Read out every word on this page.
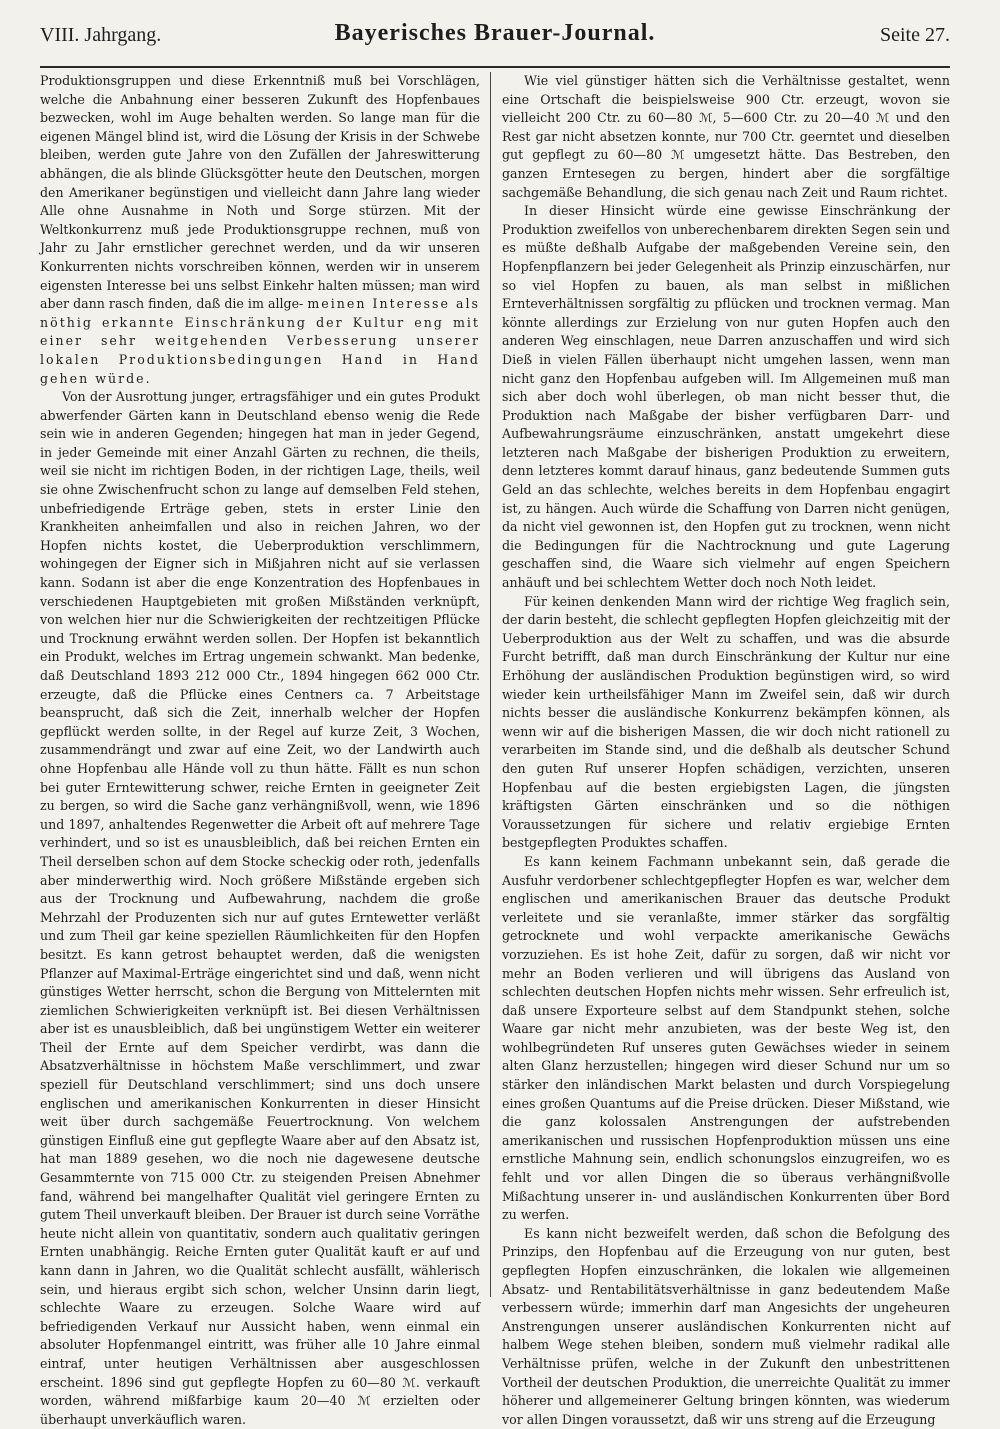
VIII. Jahrgang.	Bayerisches Brauer-Journal.	Seite 27.

Produktionsgruppen und diese Erkenntniß muß bei Vorschlägen, welche die Anbahnung einer besseren Zukunft des Hopfenbaues bezwecken, wohl im Auge behalten werden. So lange man für die eigenen Mängel blind ist, wird die Lösung der Krisis in der Schwebe bleiben, werden gute Jahre von den Zufällen der Jahreswitterung abhängen, die als blinde Glücksgötter heute den Deutschen, morgen den Amerikaner begünstigen und vielleicht dann Jahre lang wieder Alle ohne Ausnahme in Noth und Sorge stürzen. Mit der Weltkonkurrenz muß jede Produktionsgruppe rechnen, muß von Jahr zu Jahr ernstlicher gerechnet werden, und da wir unseren Konkurrenten nichts vorschreiben können, werden wir in unserem eigensten Interesse bei uns selbst Einkehr halten müssen; man wird aber dann rasch finden, daß die im allge- meinen Interesse als nöthig erkannte Einschränkung der Kultur eng mit einer sehr weitgehenden Verbesserung unserer lokalen Produktionsbedingungen Hand in Hand gehen würde.

Von der Ausrottung junger, ertragsfähiger und ein gutes Produkt abwerfender Gärten kann in Deutschland ebenso wenig die Rede sein wie in anderen Gegenden; hingegen hat man in jeder Gegend, in jeder Gemeinde mit einer Anzahl Gärten zu rechnen, die theils, weil sie nicht im richtigen Boden, in der richtigen Lage, theils, weil sie ohne Zwischenfrucht schon zu lange auf demselben Feld stehen, unbefriedigende Erträge geben, stets in erster Linie den Krankheiten anheimfallen und also in reichen Jahren, wo der Hopfen nichts kostet, die Ueberproduktion verschlimmern, wohingegen der Eigner sich in Mißjahren nicht auf sie verlassen kann. Sodann ist aber die enge Konzentration des Hopfenbaues in verschiedenen Hauptgebieten mit großen Mißständen verknüpft, von welchen hier nur die Schwierigkeiten der rechtzeitigen Pflücke und Trocknung erwähnt werden sollen. Der Hopfen ist bekanntlich ein Produkt, welches im Ertrag ungemein schwankt. Man bedenke, daß Deutschland 1893 212 000 Ctr., 1894 hingegen 662 000 Ctr. erzeugte, daß die Pflücke eines Centners ca. 7 Arbeitstage beansprucht, daß sich die Zeit, innerhalb welcher der Hopfen gepflückt werden sollte, in der Regel auf kurze Zeit, 3 Wochen, zusammendrängt und zwar auf eine Zeit, wo der Landwirth auch ohne Hopfenbau alle Hände voll zu thun hätte. Fällt es nun schon bei guter Erntewitterung schwer, reiche Ernten in geeigneter Zeit zu bergen, so wird die Sache ganz verhängnißvoll, wenn, wie 1896 und 1897, anhaltendes Regenwetter die Arbeit oft auf mehrere Tage verhindert, und so ist es unausbleiblich, daß bei reichen Ernten ein Theil derselben schon auf dem Stocke scheckig oder roth, jedenfalls aber minderwerthig wird. Noch größere Mißstände ergeben sich aus der Trocknung und Aufbewahrung, nachdem die große Mehrzahl der Produzenten sich nur auf gutes Erntewetter verläßt und zum Theil gar keine speziellen Räumlichkeiten für den Hopfen besitzt. Es kann getrost behauptet werden, daß die wenigsten Pflanzer auf Maximal-Erträge eingerichtet sind und daß, wenn nicht günstiges Wetter herrscht, schon die Bergung von Mittelernten mit ziemlichen Schwierigkeiten verknüpft ist. Bei diesen Verhältnissen aber ist es unausbleiblich, daß bei ungünstigem Wetter ein weiterer Theil der Ernte auf dem Speicher verdirbt, was dann die Absatzverhältnisse in höchstem Maße verschlimmert, und zwar speziell für Deutschland verschlimmert; sind uns doch unsere englischen und amerikanischen Konkurrenten in dieser Hinsicht weit über durch sachgemäße Feuertrocknung. Von welchem günstigen Einfluß eine gut gepflegte Waare aber auf den Absatz ist, hat man 1889 gesehen, wo die noch nie dagewesene deutsche Gesammternte von 715 000 Ctr. zu steigenden Preisen Abnehmer fand, während bei mangelhafter Qualität viel geringere Ernten zu gutem Theil unverkauft bleiben. Der Brauer ist durch seine Vorräthe heute nicht allein von quantitativ, sondern auch qualitativ geringen Ernten unabhängig. Reiche Ernten guter Qualität kauft er auf und kann dann in Jahren, wo die Qualität schlecht ausfällt, wählerisch sein, und hieraus ergibt sich schon, welcher Unsinn darin liegt, schlechte Waare zu erzeugen. Solche Waare wird auf befriedigenden Verkauf nur Aussicht haben, wenn einmal ein absoluter Hopfenmangel eintritt, was früher alle 10 Jahre einmal eintraf, unter heutigen Verhältnissen aber ausgeschlossen erscheint. 1896 sind gut gepflegte Hopfen zu 60—80 ℳ. verkauft worden, während mißfarbige kaum 20—40 ℳ erzielten oder überhaupt unverkäuflich waren.

Wie viel günstiger hätten sich die Verhältnisse gestaltet, wenn eine Ortschaft die beispielsweise 900 Ctr. erzeugt, wovon sie vielleicht 200 Ctr. zu 60—80 ℳ, 5—600 Ctr. zu 20—40 ℳ und den Rest gar nicht absetzen konnte, nur 700 Ctr. geerntet und dieselben gut gepflegt zu 60—80 ℳ umgesetzt hätte. Das Bestreben, den ganzen Erntesegen zu bergen, hindert aber die sorgfältige sachgemäße Behandlung, die sich genau nach Zeit und Raum richtet.

In dieser Hinsicht würde eine gewisse Einschränkung der Produktion zweifellos von unberechenbarem direkten Segen sein und es müßte deßhalb Aufgabe der maßgebenden Vereine sein, den Hopfenpflanzern bei jeder Gelegenheit als Prinzip einzuschärfen, nur so viel Hopfen zu bauen, als man selbst in mißlichen Ernteverhältnissen sorgfältig zu pflücken und trocknen vermag. Man könnte allerdings zur Erzielung von nur guten Hopfen auch den anderen Weg einschlagen, neue Darren anzuschaffen und wird sich Dieß in vielen Fällen überhaupt nicht umgehen lassen, wenn man nicht ganz den Hopfenbau aufgeben will. Im Allgemeinen muß man sich aber doch wohl überlegen, ob man nicht besser thut, die Produktion nach Maßgabe der bisher verfügbaren Darr- und Aufbewahrungsräume einzuschränken, anstatt umgekehrt diese letzteren nach Maßgabe der bisherigen Produktion zu erweitern, denn letzteres kommt darauf hinaus, ganz bedeutende Summen guts Geld an das schlechte, welches bereits in dem Hopfenbau engagirt ist, zu hängen. Auch würde die Schaffung von Darren nicht genügen, da nicht viel gewonnen ist, den Hopfen gut zu trocknen, wenn nicht die Bedingungen für die Nachtrocknung und gute Lagerung geschaffen sind, die Waare sich vielmehr auf engen Speichern anhäuft und bei schlechtem Wetter doch noch Noth leidet.

Für keinen denkenden Mann wird der richtige Weg fraglich sein, der darin besteht, die schlecht gepflegten Hopfen gleichzeitig mit der Ueberproduktion aus der Welt zu schaffen, und was die absurde Furcht betrifft, daß man durch Einschränkung der Kultur nur eine Erhöhung der ausländischen Produktion begünstigen wird, so wird wieder kein urtheilsfähiger Mann im Zweifel sein, daß wir durch nichts besser die ausländische Konkurrenz bekämpfen können, als wenn wir auf die bisherigen Massen, die wir doch nicht rationell zu verarbeiten im Stande sind, und die deßhalb als deutscher Schund den guten Ruf unserer Hopfen schädigen, verzichten, unseren Hopfenbau auf die besten ergiebigsten Lagen, die jüngsten kräftigsten Gärten einschränken und so die nöthigen Voraussetzungen für sichere und relativ ergiebige Ernten bestgepflegten Produktes schaffen.

Es kann keinem Fachmann unbekannt sein, daß gerade die Ausfuhr verdorbener schlechtgepflegter Hopfen es war, welcher dem englischen und amerikanischen Brauer das deutsche Produkt verleitete und sie veranlaßte, immer stärker das sorgfältig getrocknete und wohl verpackte amerikanische Gewächs vorzuziehen. Es ist hohe Zeit, dafür zu sorgen, daß wir nicht vor mehr an Boden verlieren und will übrigens das Ausland von schlechten deutschen Hopfen nichts mehr wissen. Sehr erfreulich ist, daß unsere Exporteure selbst auf dem Standpunkt stehen, solche Waare gar nicht mehr anzubieten, was der beste Weg ist, den wohlbegründeten Ruf unseres guten Gewächses wieder in seinem alten Glanz herzustellen; hingegen wird dieser Schund nur um so stärker den inländischen Markt belasten und durch Vorspiegelung eines großen Quantums auf die Preise drücken. Dieser Mißstand, wie die ganz kolossalen Anstrengungen der aufstrebenden amerikanischen und russischen Hopfenproduktion müssen uns eine ernstliche Mahnung sein, endlich schonungslos einzugreifen, wo es fehlt und vor allen Dingen die so überaus verhängnißvolle Mißachtung unserer in- und ausländischen Konkurrenten über Bord zu werfen.

Es kann nicht bezweifelt werden, daß schon die Befolgung des Prinzips, den Hopfenbau auf die Erzeugung von nur guten, best gepflegten Hopfen einzuschränken, die lokalen wie allgemeinen Absatz- und Rentabilitätsverhältnisse in ganz bedeutendem Maße verbessern würde; immerhin darf man Angesichts der ungeheuren Anstrengungen unserer ausländischen Konkurrenten nicht auf halbem Wege stehen bleiben, sondern muß vielmehr radikal alle Verhältnisse prüfen, welche in der Zukunft den unbestrittenen Vortheil der deutschen Produktion, die unerreichte Qualität zu immer höherer und allgemeinerer Geltung bringen könnten, was wiederum vor allen Dingen voraussetzt, daß wir uns streng auf die Erzeugung
